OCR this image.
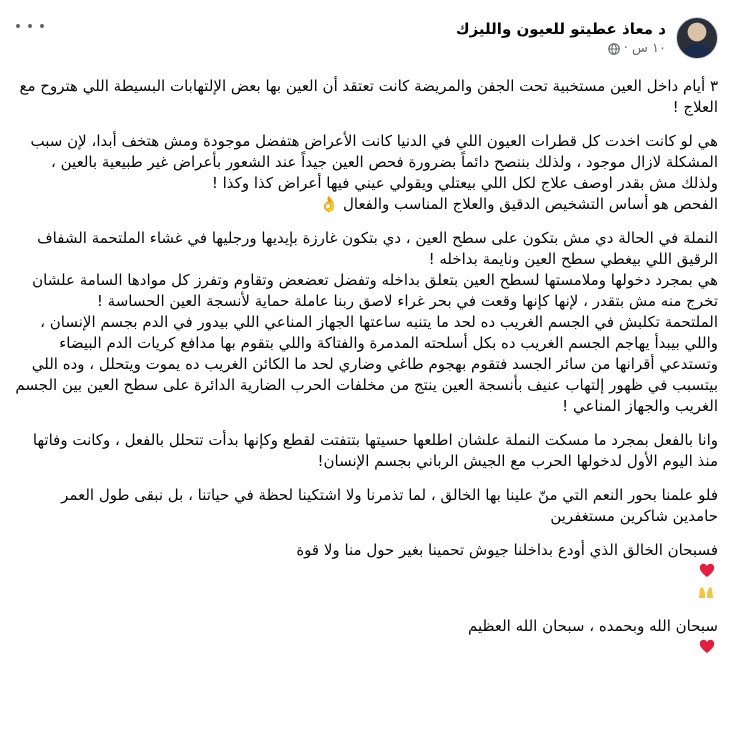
د معاذ عطيتو للعيون والليزك
١٠ س
·

٣ أيام داخل العين مستخبية تحت الجفن والمريضة كانت تعتقد أن العين بها بعض الإلتهابات البسيطة اللي هتروح مع العلاج !

هي لو كانت اخدت كل قطرات العيون اللي في الدنيا كانت الأعراض هتفضل موجودة ومش هتخف أبدا، لإن سبب المشكلة لازال موجود ، ولذلك بننصح دائماً بضرورة فحص العين جيداً عند الشعور بأعراض غير طبيعية بالعين ، ولذلك مش بقدر اوصف علاج لكل اللي بيعتلي ويقولي عيني فيها أعراض كذا وكذا !
الفحص هو أساس التشخيص الدقيق والعلاج المناسب والفعال 👌

النملة في الحالة دي مش بتكون على سطح العين ، دي بتكون غارزة بإيديها ورجليها في غشاء الملتحمة الشفاف الرقيق اللي بيغطي سطح العين ونايمة بداخله !
هي بمجرد دخولها وملامستها لسطح العين بتعلق بداخله وتفضل تعضعض وتقاوم وتفرز كل موادها السامة علشان تخرج منه مش بتقدر ، لإنها كإنها وقعت في بحر غراء لاصق ربنا عاملة حماية لأنسجة العين الحساسة !
الملتحمة تكلبش في الجسم الغريب ده لحد ما يتنبه ساعتها الجهاز المناعي اللي بيدور في الدم بجسم الإنسان ، واللي بيبدأ يهاجم الجسم الغريب ده بكل أسلحته المدمرة والفتاكة واللي بتقوم بها مدافع كريات الدم البيضاء وتستدعي أقرانها من سائر الجسد فتقوم بهجوم طاغي وضاري لحد ما الكائن الغريب ده يموت ويتحلل ، وده اللي بيتسبب في ظهور إلتهاب عنيف بأنسجة العين ينتج من مخلفات الحرب الضارية الدائرة على سطح العين بين الجسم الغريب والجهاز المناعي !

وانا بالفعل بمجرد ما مسكت النملة علشان اطلعها حسيتها بتتفتت لقطع وكإنها بدأت تتحلل بالفعل ، وكانت وفاتها منذ اليوم الأول لدخولها الحرب مع الجيش الرباني بجسم الإنسان!

فلو علمنا بحور النعم التي منّ علينا بها الخالق ، لما تذمرنا ولا اشتكينا لحظة في حياتنا ، بل نبقى طول العمر حامدين شاكرين مستغفرين

فسبحان الخالق الذي أودع بداخلنا جيوش تحمينا بغير حول منا ولا قوة

سبحان الله وبحمده ، سبحان الله العظيم
